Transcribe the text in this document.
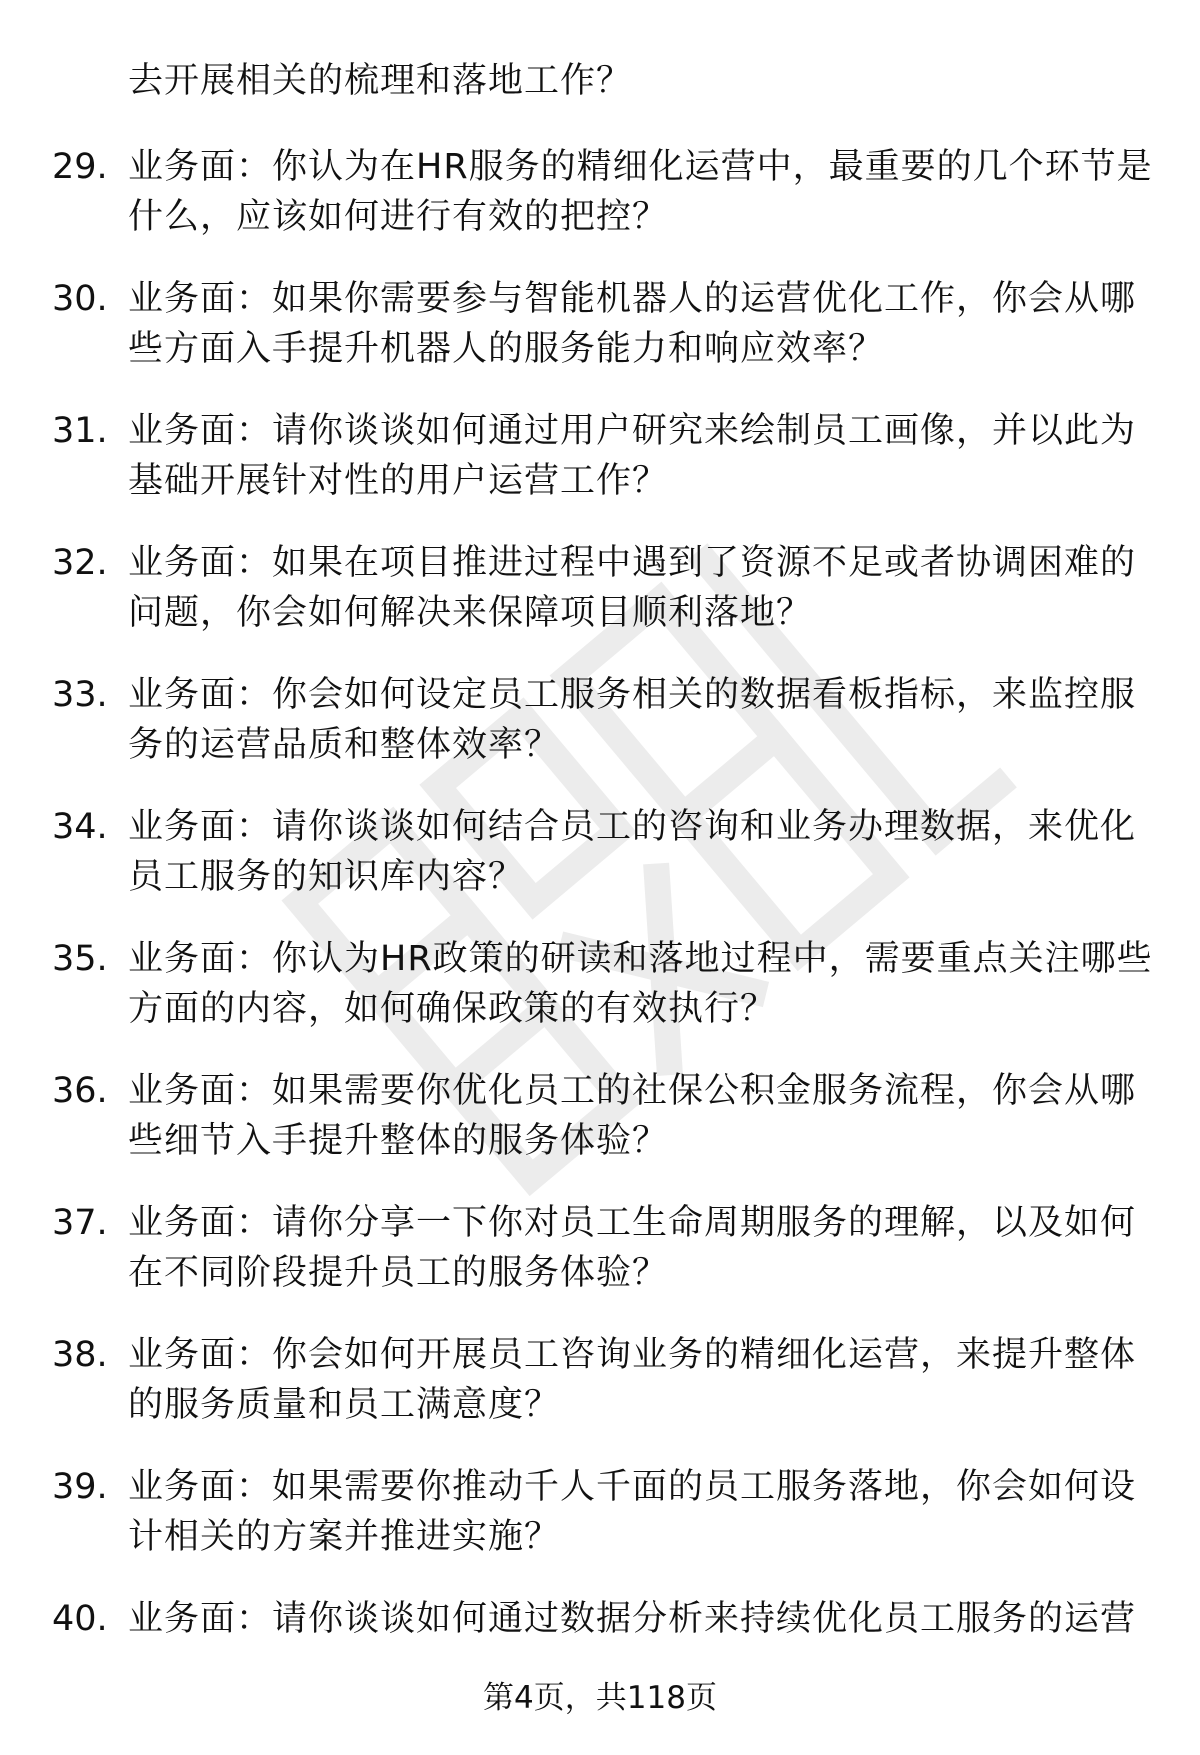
去开展相关的梳理和落地工作？
29. 业务面：你认为在HR服务的精细化运营中，最重要的几个环节是
什么，应该如何进行有效的把控？
30. 业务面：如果你需要参与智能机器人的运营优化工作，你会从哪
些方面入手提升机器人的服务能力和响应效率？
31. 业务面：请你谈谈如何通过用户研究来绘制员工画像，并以此为
基础开展针对性的用户运营工作？
32. 业务面：如果在项目推进过程中遇到了资源不足或者协调困难的
问题，你会如何解决来保障项目顺利落地？
33. 业务面：你会如何设定员工服务相关的数据看板指标，来监控服
务的运营品质和整体效率？
34. 业务面：请你谈谈如何结合员工的咨询和业务办理数据，来优化
员工服务的知识库内容？
35. 业务面：你认为HR政策的研读和落地过程中，需要重点关注哪些
方面的内容，如何确保政策的有效执行？
36. 业务面：如果需要你优化员工的社保公积金服务流程，你会从哪
些细节入手提升整体的服务体验？
37. 业务面：请你分享一下你对员工生命周期服务的理解，以及如何
在不同阶段提升员工的服务体验？
38. 业务面：你会如何开展员工咨询业务的精细化运营，来提升整体
的服务质量和员工满意度？
39. 业务面：如果需要你推动千人千面的员工服务落地，你会如何设
计相关的方案并推进实施？
40. 业务面：请你谈谈如何通过数据分析来持续优化员工服务的运营
第4页，共118页
